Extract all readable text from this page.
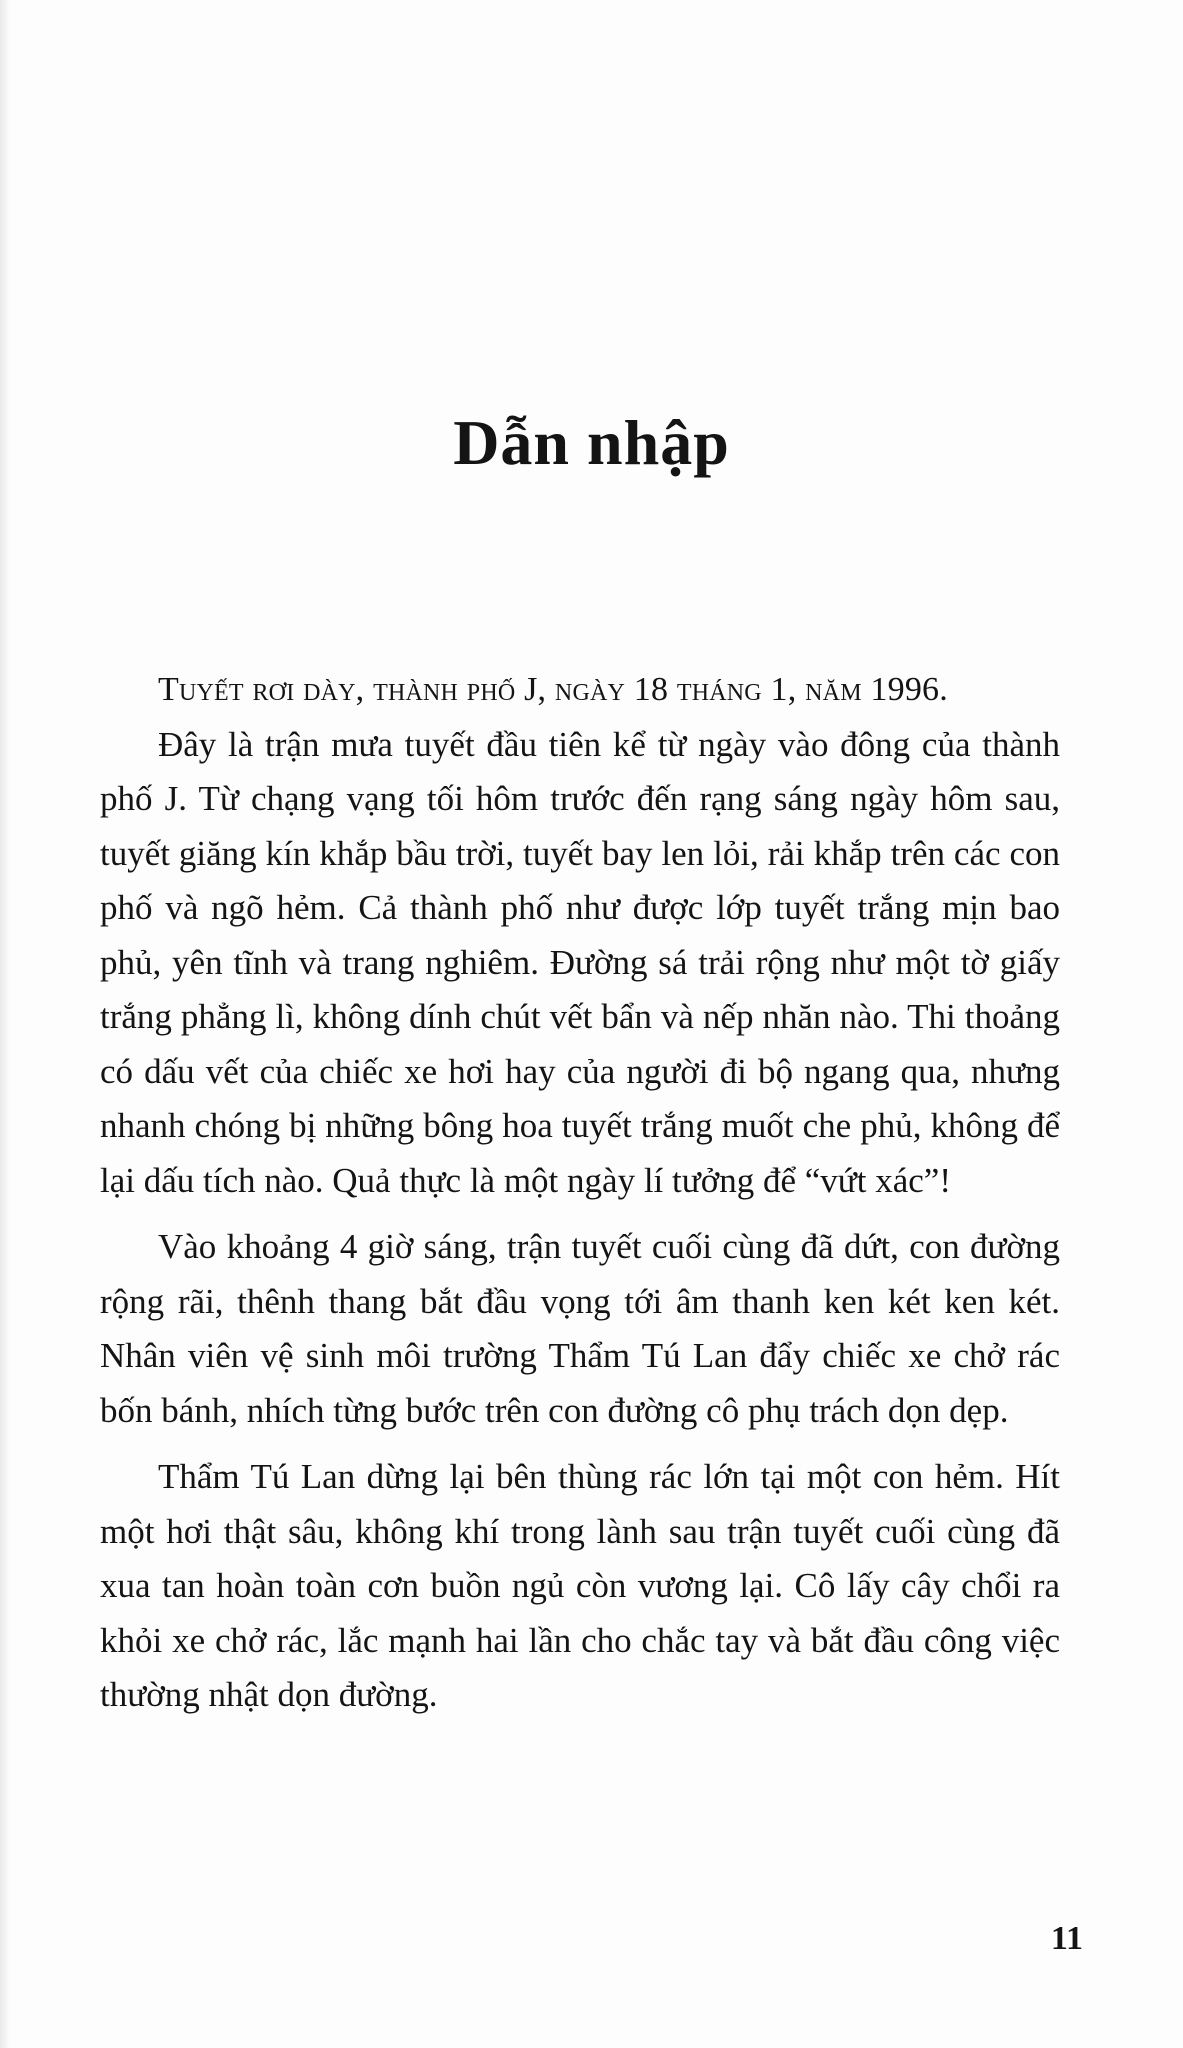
Dẫn nhập

Tuyết rơi dày, thành phố J, ngày 18 tháng 1, năm 1996.

Đây là trận mưa tuyết đầu tiên kể từ ngày vào đông của thành phố J. Từ chạng vạng tối hôm trước đến rạng sáng ngày hôm sau, tuyết giăng kín khắp bầu trời, tuyết bay len lỏi, rải khắp trên các con phố và ngõ hẻm. Cả thành phố như được lớp tuyết trắng mịn bao phủ, yên tĩnh và trang nghiêm. Đường sá trải rộng như một tờ giấy trắng phẳng lì, không dính chút vết bẩn và nếp nhăn nào. Thi thoảng có dấu vết của chiếc xe hơi hay của người đi bộ ngang qua, nhưng nhanh chóng bị những bông hoa tuyết trắng muốt che phủ, không để lại dấu tích nào. Quả thực là một ngày lí tưởng để “vứt xác”!

Vào khoảng 4 giờ sáng, trận tuyết cuối cùng đã dứt, con đường rộng rãi, thênh thang bắt đầu vọng tới âm thanh ken két ken két. Nhân viên vệ sinh môi trường Thẩm Tú Lan đẩy chiếc xe chở rác bốn bánh, nhích từng bước trên con đường cô phụ trách dọn dẹp.

Thẩm Tú Lan dừng lại bên thùng rác lớn tại một con hẻm. Hít một hơi thật sâu, không khí trong lành sau trận tuyết cuối cùng đã xua tan hoàn toàn cơn buồn ngủ còn vương lại. Cô lấy cây chổi ra khỏi xe chở rác, lắc mạnh hai lần cho chắc tay và bắt đầu công việc thường nhật dọn đường.

11
